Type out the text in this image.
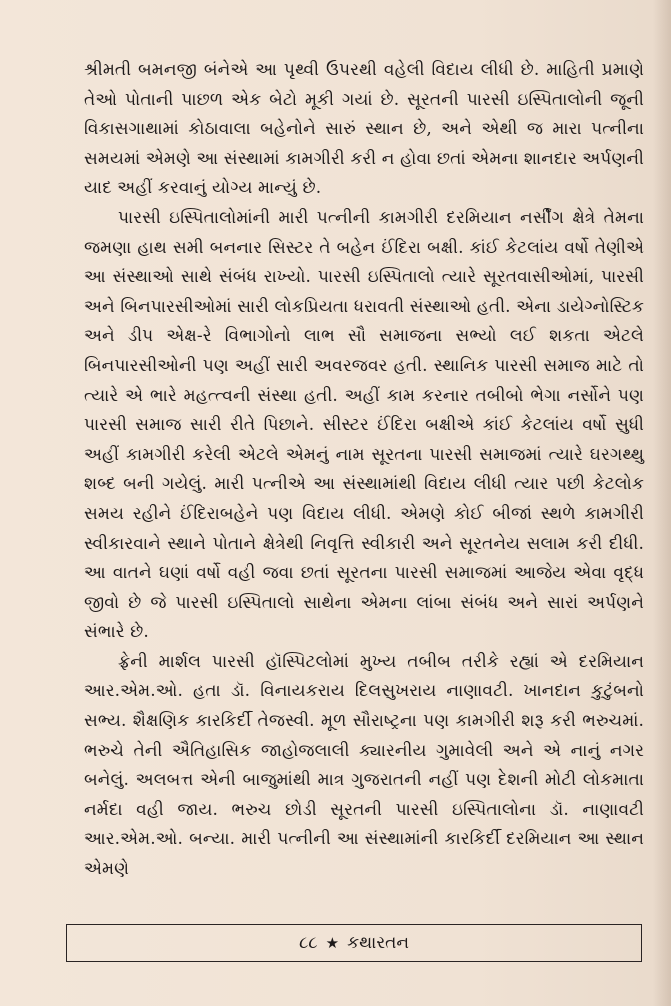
શ્રીમતી બમનજી બંનેએ આ પૃથ્વી ઉપરથી વહેલી વિદાય લીધી છે. માહિતી પ્રમાણે તેઓ પોતાની પાછળ એક બેટો મૂકી ગયાં છે. સૂરતની પારસી ઇસ્પિતાલોની જૂની વિકાસગાથામાં કોઠાવાલા બહેનોને સારું સ્થાન છે, અને એથી જ મારા પત્નીના સમયમાં એમણે આ સંસ્થામાં કામગીરી કરી ન હોવા છતાં એમના શાનદાર અર્પણની યાદ અહીં કરવાનું યોગ્ય માન્યું છે.

પારસી ઇસ્પિતાલોમાંની મારી પત્નીની કામગીરી દરમિયાન નર્સીંગ ક્ષેત્રે તેમના જમણા હાથ સમી બનનાર સિસ્ટર તે બહેન ઈંદિરા બક્ષી. કાંઈ કેટલાંય વર્ષો તેણીએ આ સંસ્થાઓ સાથે સંબંધ રાખ્યો. પારસી ઇસ્પિતાલો ત્યારે સૂરતવાસીઓમાં, પારસી અને બિનપારસીઓમાં સારી લોકપ્રિયતા ધરાવતી સંસ્થાઓ હતી. એના ડાયેગ્નોસ્ટિક અને ડીપ એક્ષ-રે વિભાગોનો લાભ સૌ સમાજના સભ્યો લઈ શકતા એટલે બિનપારસીઓની પણ અહીં સારી અવરજવર હતી. સ્થાનિક પારસી સમાજ માટે તો ત્યારે એ ભારે મહત્ત્વની સંસ્થા હતી. અહીં કામ કરનાર તબીબો ભેગા નર્સોને પણ પારસી સમાજ સારી રીતે પિછાને. સીસ્ટર ઈંદિરા બક્ષીએ કાંઈ કેટલાંય વર્ષો સુધી અહીં કામગીરી કરેલી એટલે એમનું નામ સૂરતના પારસી સમાજમાં ત્યારે ઘરગથ્થુ શબ્દ બની ગયેલું. મારી પત્નીએ આ સંસ્થામાંથી વિદાય લીધી ત્યાર પછી કેટલોક સમય રહીને ઈંદિરાબહેને પણ વિદાય લીધી. એમણે કોઈ બીજાં સ્થળે કામગીરી સ્વીકારવાને સ્થાને પોતાને ક્ષેત્રેથી નિવૃત્તિ સ્વીકારી અને સૂરતનેય સલામ કરી દીધી. આ વાતને ઘણાં વર્ષો વહી જવા છતાં સૂરતના પારસી સમાજમાં આજેય એવા વૃદ્ધ જીવો છે જે પારસી ઇસ્પિતાલો સાથેના એમના લાંબા સંબંધ અને સારાં અર્પણને સંભારે છે.

ફ્રેની માર્શલ પારસી હૉસ્પિટલોમાં મુખ્ય તબીબ તરીકે રહ્યાં એ દરમિયાન આર.એમ.ઓ. હતા ડૉ. વિનાયકરાય દિલસુખરાય નાણાવટી. ખાનદાન કુટુંબનો સભ્ય. શૈક્ષણિક કારકિર્દી તેજસ્વી. મૂળ સૌરાષ્ટ્રના પણ કામગીરી શરૂ કરી ભરુચમાં. ભરુચે તેની ઐતિહાસિક જાહોજલાલી ક્યારનીય ગુમાવેલી અને એ નાનું નગર બનેલું. અલબત્ત એની બાજુમાંથી માત્ર ગુજરાતની નહીં પણ દેશની મોટી લોકમાતા નર્મદા વહી જાય. ભરુચ છોડી સૂરતની પારસી ઇસ્પિતાલોના ડૉ. નાણાવટી આર.એમ.ઓ. બન્યા. મારી પત્નીની આ સંસ્થામાંની કારકિર્દી દરમિયાન આ સ્થાન એમણે

૮૮ ★ કથારતન
